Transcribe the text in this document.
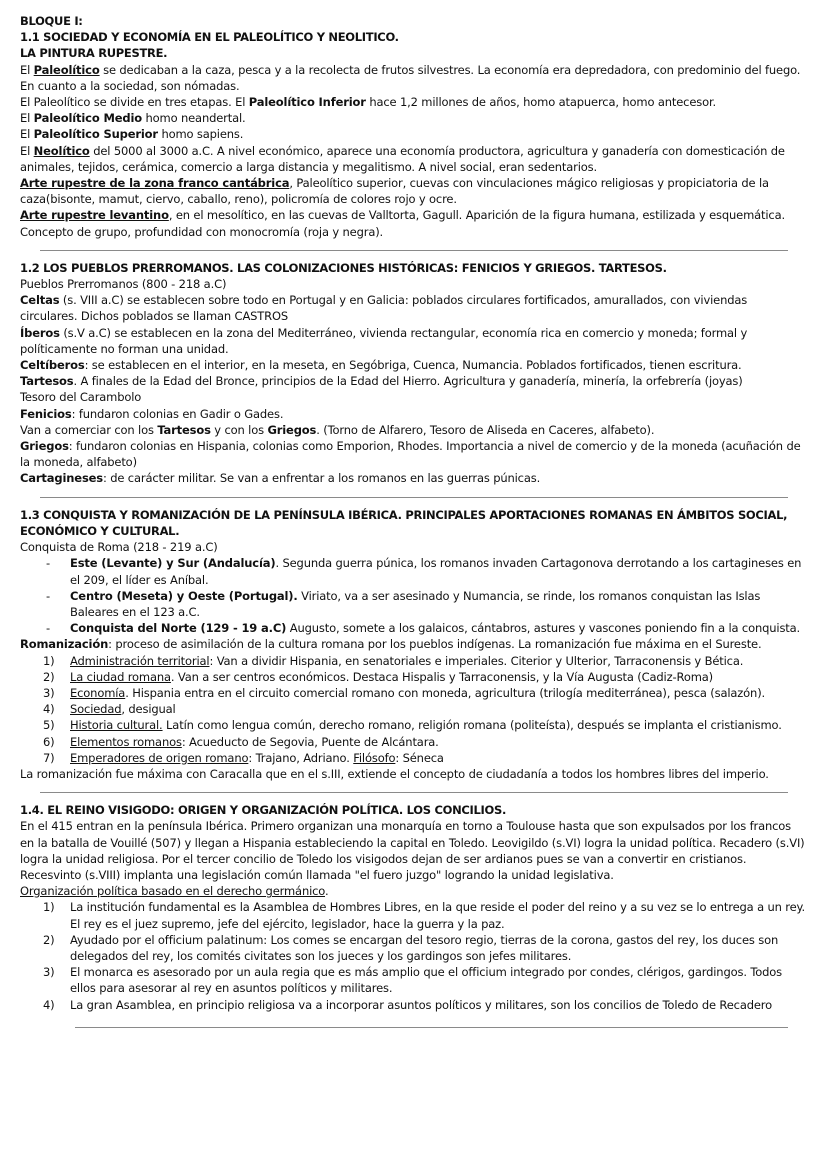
BLOQUE I:

1.1 SOCIEDAD Y ECONOMÍA EN EL PALEOLÍTICO Y NEOLITICO.

LA PINTURA RUPESTRE.

El Paleolítico se dedicaban a la caza, pesca y a la recolecta de frutos silvestres. La economía era depredadora, con predominio del fuego. En cuanto a la sociedad, son nómadas.

El Paleolítico se divide en tres etapas. El Paleolítico Inferior hace 1,2 millones de años, homo atapuerca, homo antecesor.

El Paleolítico Medio homo neandertal.

El Paleolítico Superior homo sapiens.

El Neolítico del 5000 al 3000 a.C. A nivel económico, aparece una economía productora, agricultura y ganadería con domesticación de animales, tejidos, cerámica, comercio a larga distancia y megalitismo. A nivel social, eran sedentarios.

Arte rupestre de la zona franco cantábrica, Paleolítico superior, cuevas con vinculaciones mágico religiosas y propiciatoria de la caza(bisonte, mamut, ciervo, caballo, reno), policromía de colores rojo y ocre.

Arte rupestre levantino, en el mesolítico, en las cuevas de Valltorta, Gagull. Aparición de la figura humana, estilizada y esquemática. Concepto de grupo, profundidad con monocromía (roja y negra).

1.2 LOS PUEBLOS PRERROMANOS. LAS COLONIZACIONES HISTÓRICAS: FENICIOS Y GRIEGOS. TARTESOS.

Pueblos Prerromanos (800 - 218 a.C)

Celtas (s. VIII a.C) se establecen sobre todo en Portugal y en Galicia: poblados circulares fortificados, amurallados, con viviendas circulares. Dichos poblados se llaman CASTROS

Íberos (s.V a.C) se establecen en la zona del Mediterráneo, vivienda rectangular, economía rica en comercio y moneda; formal y políticamente no forman una unidad.

Celtíberos: se establecen en el interior, en la meseta, en Segóbriga, Cuenca, Numancia. Poblados fortificados, tienen escritura.

Tartesos. A finales de la Edad del Bronce, principios de la Edad del Hierro. Agricultura y ganadería, minería, la orfebrería (joyas)

Tesoro del Carambolo

Fenicios: fundaron colonias en Gadir o Gades.

Van a comerciar con los Tartesos y con los Griegos. (Torno de Alfarero, Tesoro de Aliseda en Caceres, alfabeto).

Griegos: fundaron colonias en Hispania, colonias como Emporion, Rhodes. Importancia a nivel de comercio y de la moneda (acuñación de la moneda, alfabeto)

Cartagineses: de carácter militar. Se van a enfrentar a los romanos en las guerras púnicas.

1.3 CONQUISTA Y ROMANIZACIÓN DE LA PENÍNSULA IBÉRICA. PRINCIPALES APORTACIONES ROMANAS EN ÁMBITOS SOCIAL, ECONÓMICO Y CULTURAL.

Conquista de Roma (218 - 219 a.C)

- Este (Levante) y Sur (Andalucía). Segunda guerra púnica, los romanos invaden Cartagonova derrotando a los cartagineses en el 209, el líder es Aníbal.
- Centro (Meseta) y Oeste (Portugal). Viriato, va a ser asesinado y Numancia, se rinde, los romanos conquistan las Islas Baleares en el 123 a.C.
- Conquista del Norte (129 - 19 a.C) Augusto, somete a los galaicos, cántabros, astures y vascones poniendo fin a la conquista.

Romanización: proceso de asimilación de la cultura romana por los pueblos indígenas. La romanización fue máxima en el Sureste.

1) Administración territorial: Van a dividir Hispania, en senatoriales e imperiales. Citerior y Ulterior, Tarraconensis y Bética.
2) La ciudad romana. Van a ser centros económicos. Destaca Hispalis y Tarraconensis, y la Vía Augusta (Cadiz-Roma)
3) Economía. Hispania entra en el circuito comercial romano con moneda, agricultura (trilogía mediterránea), pesca (salazón).
4) Sociedad, desigual
5) Historia cultural. Latín como lengua común, derecho romano, religión romana (politeísta), después se implanta el cristianismo.
6) Elementos romanos: Acueducto de Segovia, Puente de Alcántara.
7) Emperadores de origen romano: Trajano, Adriano. Filósofo: Séneca

La romanización fue máxima con Caracalla que en el s.III, extiende el concepto de ciudadanía a todos los hombres libres del imperio.

1.4. EL REINO VISIGODO: ORIGEN Y ORGANIZACIÓN POLÍTICA. LOS CONCILIOS.

En el 415 entran en la península Ibérica. Primero organizan una monarquía en torno a Toulouse hasta que son expulsados por los francos en la batalla de Vouillé (507) y llegan a Hispania estableciendo la capital en Toledo. Leovigildo (s.VI) logra la unidad política. Recadero (s.VI) logra la unidad religiosa. Por el tercer concilio de Toledo los visigodos dejan de ser ardianos pues se van a convertir en cristianos. Recesvinto (s.VIII) implanta una legislación común llamada "el fuero juzgo" logrando la unidad legislativa.

Organización política basado en el derecho germánico.

1) La institución fundamental es la Asamblea de Hombres Libres, en la que reside el poder del reino y a su vez se lo entrega a un rey. El rey es el juez supremo, jefe del ejército, legislador, hace la guerra y la paz.
2) Ayudado por el officium palatinum: Los comes se encargan del tesoro regio, tierras de la corona, gastos del rey, los duces son delegados del rey, los comités civitates son los jueces y los gardingos son jefes militares.
3) El monarca es asesorado por un aula regia que es más amplio que el officium integrado por condes, clérigos, gardingos. Todos ellos para asesorar al rey en asuntos políticos y militares.
4) La gran Asamblea, en principio religiosa va a incorporar asuntos políticos y militares, son los concilios de Toledo de Recadero
